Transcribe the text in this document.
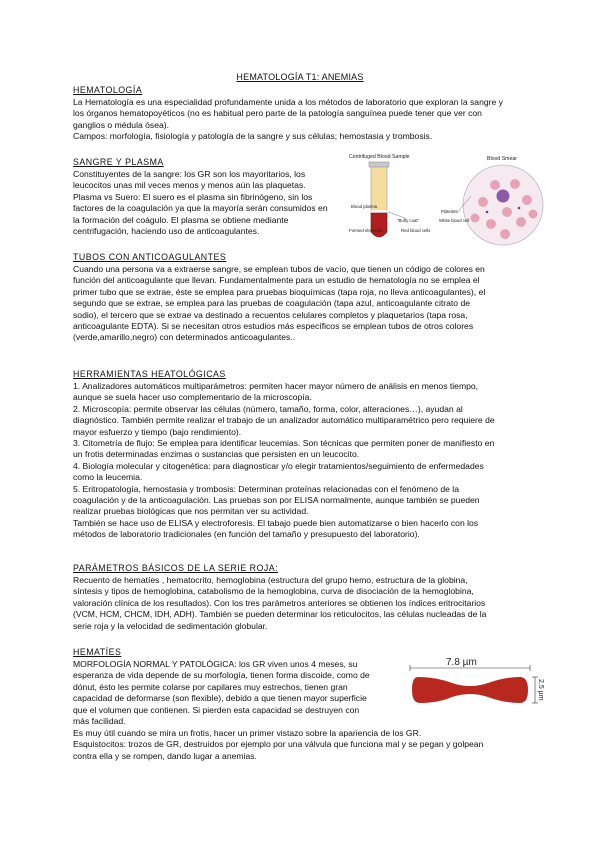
HEMATOLOGÍA T1: ANEMIAS
HEMATOLOGÍA
La Hematología es una especialidad profundamente unida a los métodos de laboratorio que exploran la sangre y
los órganos hematopoyéticos (no es habitual pero parte de la patología sanguínea puede tener que ver con
ganglios o médula ósea).
Campos: morfología, fisiología y patología de la sangre y sus células; hemostasia y trombosis.
SANGRE Y PLASMA
Constituyentes de la sangre: los GR son los mayoritarios, los
leucocitos unas mil veces menos y menos aún las plaquetas.
Plasma vs Suero: El suero es el plasma sin fibrinógeno, sin los
factores de la coagulación ya que la mayoría serán consumidos en
la formación del coágulo. El plasma se obtiene mediante
centrifugación, haciendo uso de anticoagulantes.
Centrifuged Blood Sample	Blood Smear
Blood plasma
Formed elements
"Buffy coat"
Red blood cells
Platelets
White blood cell
TUBOS CON ANTICOAGULANTES
Cuando una persona va a extraerse sangre, se emplean tubos de vacío, que tienen un código de colores en
función del anticoagulante que llevan. Fundamentalmente para un estudio de hematología no se emplea el
primer tubo que se extrae, éste se emplea para pruebas bioquímicas (tapa roja, no lleva anticoagulantes), el
segundo que se extrae, se emplea para las pruebas de coagulación (tapa azul, anticoagulante citrato de
sodio), el tercero que se extrae va destinado a recuentos celulares completos y plaquetarios (tapa rosa,
anticoagulante EDTA). Si se necesitan otros estudios más específicos se emplean tubos de otros colores
(verde,amarillo,negro) con determinados anticoagulantes..
HERRAMIENTAS HEATOLÓGICAS
1. Analizadores automáticos multiparámetros: permiten hacer mayor número de análisis en menos tiempo,
aunque se suela hacer uso complementario de la microscopía.
2. Microscopía: permite observar las células (número, tamaño, forma, color, alteraciones…), ayudan al
diagnóstico. También permite realizar el trabajo de un analizador automático multiparamétrico pero requiere de
mayor esfuerzo y tiempo (bajo rendimiento).
3. Citometría de flujo: Se emplea para identificar leucemias. Son técnicas que permiten poner de manifiesto en
un frotis determinadas enzimas o sustancias que persisten en un leucocito.
4. Biología molecular y citogenética: para diagnosticar y/o elegir tratamientos/seguimiento de enfermedades
como la leucemia.
5. Eritropatología, hemostasia y trombosis: Determinan proteínas relacionadas con el fenómeno de la
coagulación y de la anticoagulación. Las pruebas son por ELISA normalmente, aunque también se pueden
realizar pruebas biológicas que nos permitan ver su actividad.
También se hace uso de ELISA y electroforesis. El tabajo puede bien automatizarse o bien hacerlo con los
métodos de laboratorio tradicionales (en función del tamaño y presupuesto del laboratorio).
PARÁMETROS BÁSICOS DE LA SERIE ROJA:
Recuento de hematíes , hematocrito, hemoglobina (estructura del grupo hemo, estructura de la globina,
síntesis y tipos de hemoglobina, catabolismo de la hemoglobina, curva de disociación de la hemoglobina,
valoración clínica de los resultados). Con los tres parámetros anteriores se obtienen los índices eritrocitarios
(VCM, HCM, CHCM, IDH, ADH). También se pueden determinar los reticulocitos, las células nucleadas de la
serie roja y la velocidad de sedimentación globular.
HEMATÍES
MORFOLOGÍA NORMAL Y PATOLÓGICA: los GR viven unos 4 meses, su
esperanza de vida depende de su morfología, tienen forma discoide, como de
dónut, ésto les permite colarse por capilares muy estrechos, tienen gran
capacidad de deformarse (son flexible), debido a que tienen mayor superficie
que el volumen que contienen. Si pierden esta capacidad se destruyen con
más facilidad.
Es muy útil cuando se mira un frotis, hacer un primer vistazo sobre la apariencia de los GR.
Esquistocitos: trozos de GR, destruidos por ejemplo por una válvula que funciona mal y se pegan y golpean
contra ella y se rompen, dando lugar a anemias.
7.8 µm
2.5 µm
